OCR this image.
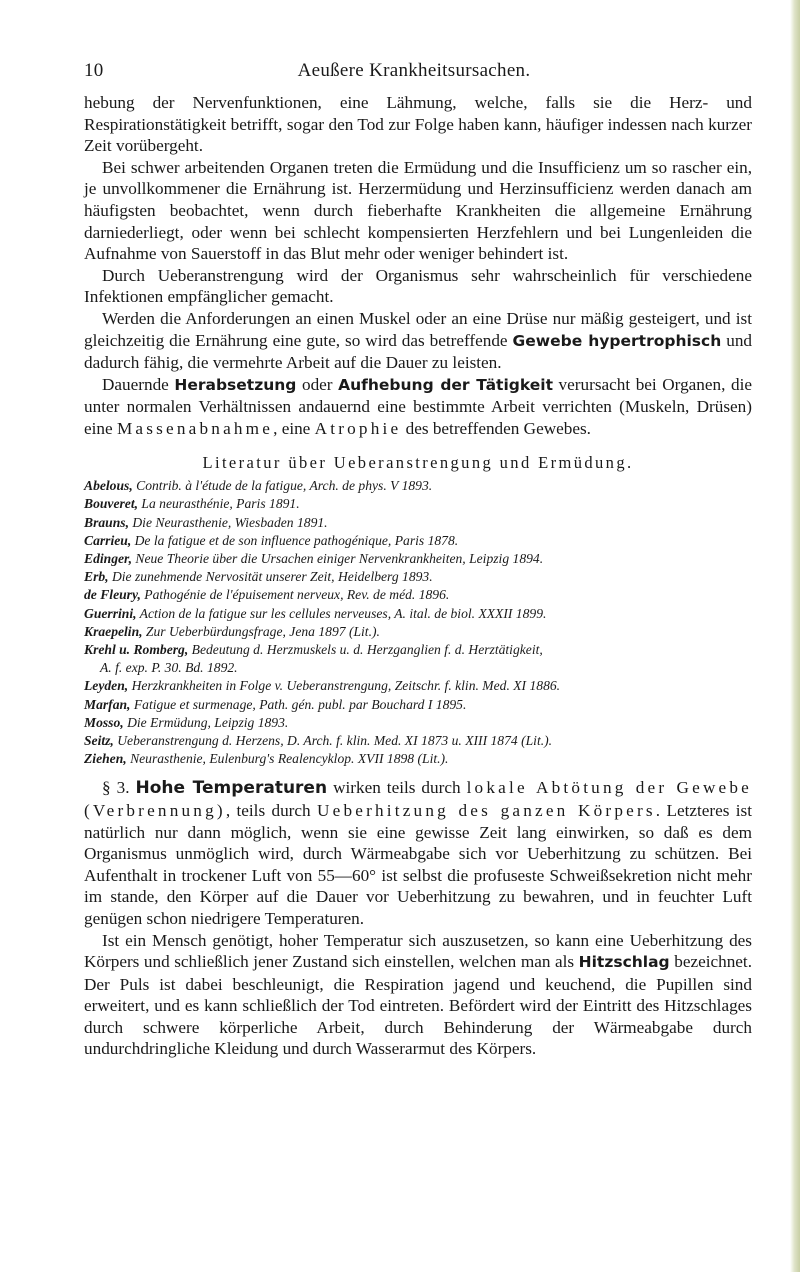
10	Aeußere Krankheitsursachen.

hebung der Nervenfunktionen, eine Lähmung, welche, falls sie die Herz- und Respirationstätigkeit betrifft, sogar den Tod zur Folge haben kann, häufiger indessen nach kurzer Zeit vorübergeht.

Bei schwer arbeitenden Organen treten die Ermüdung und die Insufficienz um so rascher ein, je unvollkommener die Ernährung ist. Herzermüdung und Herzinsufficienz werden danach am häufigsten beobachtet, wenn durch fieberhafte Krankheiten die allgemeine Ernährung darniederliegt, oder wenn bei schlecht kompensierten Herzfehlern und bei Lungenleiden die Aufnahme von Sauerstoff in das Blut mehr oder weniger behindert ist.

Durch Ueberanstrengung wird der Organismus sehr wahrscheinlich für verschiedene Infektionen empfänglicher gemacht.

Werden die Anforderungen an einen Muskel oder an eine Drüse nur mäßig gesteigert, und ist gleichzeitig die Ernährung eine gute, so wird das betreffende Gewebe hypertrophisch und dadurch fähig, die vermehrte Arbeit auf die Dauer zu leisten.

Dauernde Herabsetzung oder Aufhebung der Tätigkeit verursacht bei Organen, die unter normalen Verhältnissen andauernd eine bestimmte Arbeit verrichten (Muskeln, Drüsen) eine Massenabnahme, eine Atrophie des betreffenden Gewebes.

Literatur über Ueberanstrengung und Ermüdung.
Abelous, Contrib. à l'étude de la fatigue, Arch. de phys. V 1893.
Bouveret, La neurasthénie, Paris 1891.
Brauns, Die Neurasthenie, Wiesbaden 1891.
Carrieu, De la fatigue et de son influence pathogénique, Paris 1878.
Edinger, Neue Theorie über die Ursachen einiger Nervenkrankheiten, Leipzig 1894.
Erb, Die zunehmende Nervosität unserer Zeit, Heidelberg 1893.
de Fleury, Pathogénie de l'épuisement nerveux, Rev. de méd. 1896.
Guerrini, Action de la fatigue sur les cellules nerveuses, A. ital. de biol. XXXII 1899.
Kraepelin, Zur Ueberbürdungsfrage, Jena 1897 (Lit.).
Krehl u. Romberg, Bedeutung d. Herzmuskels u. d. Herzganglien f. d. Herztätigkeit,
A. f. exp. P. 30. Bd. 1892.
Leyden, Herzkrankheiten in Folge v. Ueberanstrengung, Zeitschr. f. klin. Med. XI 1886.
Marfan, Fatigue et surmenage, Path. gén. publ. par Bouchard I 1895.
Mosso, Die Ermüdung, Leipzig 1893.
Seitz, Ueberanstrengung d. Herzens, D. Arch. f. klin. Med. XI 1873 u. XIII 1874 (Lit.).
Ziehen, Neurasthenie, Eulenburg's Realencyklop. XVII 1898 (Lit.).

§ 3. Hohe Temperaturen wirken teils durch lokale Abtötung der Gewebe (Verbrennung), teils durch Ueberhitzung des ganzen Körpers. Letzteres ist natürlich nur dann möglich, wenn sie eine gewisse Zeit lang einwirken, so daß es dem Organismus unmöglich wird, durch Wärmeabgabe sich vor Ueberhitzung zu schützen. Bei Aufenthalt in trockener Luft von 55—60° ist selbst die profuseste Schweißsekretion nicht mehr im stande, den Körper auf die Dauer vor Ueberhitzung zu bewahren, und in feuchter Luft genügen schon niedrigere Temperaturen.

Ist ein Mensch genötigt, hoher Temperatur sich auszusetzen, so kann eine Ueberhitzung des Körpers und schließlich jener Zustand sich einstellen, welchen man als Hitzschlag bezeichnet. Der Puls ist dabei beschleunigt, die Respiration jagend und keuchend, die Pupillen sind erweitert, und es kann schließlich der Tod eintreten. Befördert wird der Eintritt des Hitzschlages durch schwere körperliche Arbeit, durch Behinderung der Wärmeabgabe durch undurchdringliche Kleidung und durch Wasserarmut des Körpers.
